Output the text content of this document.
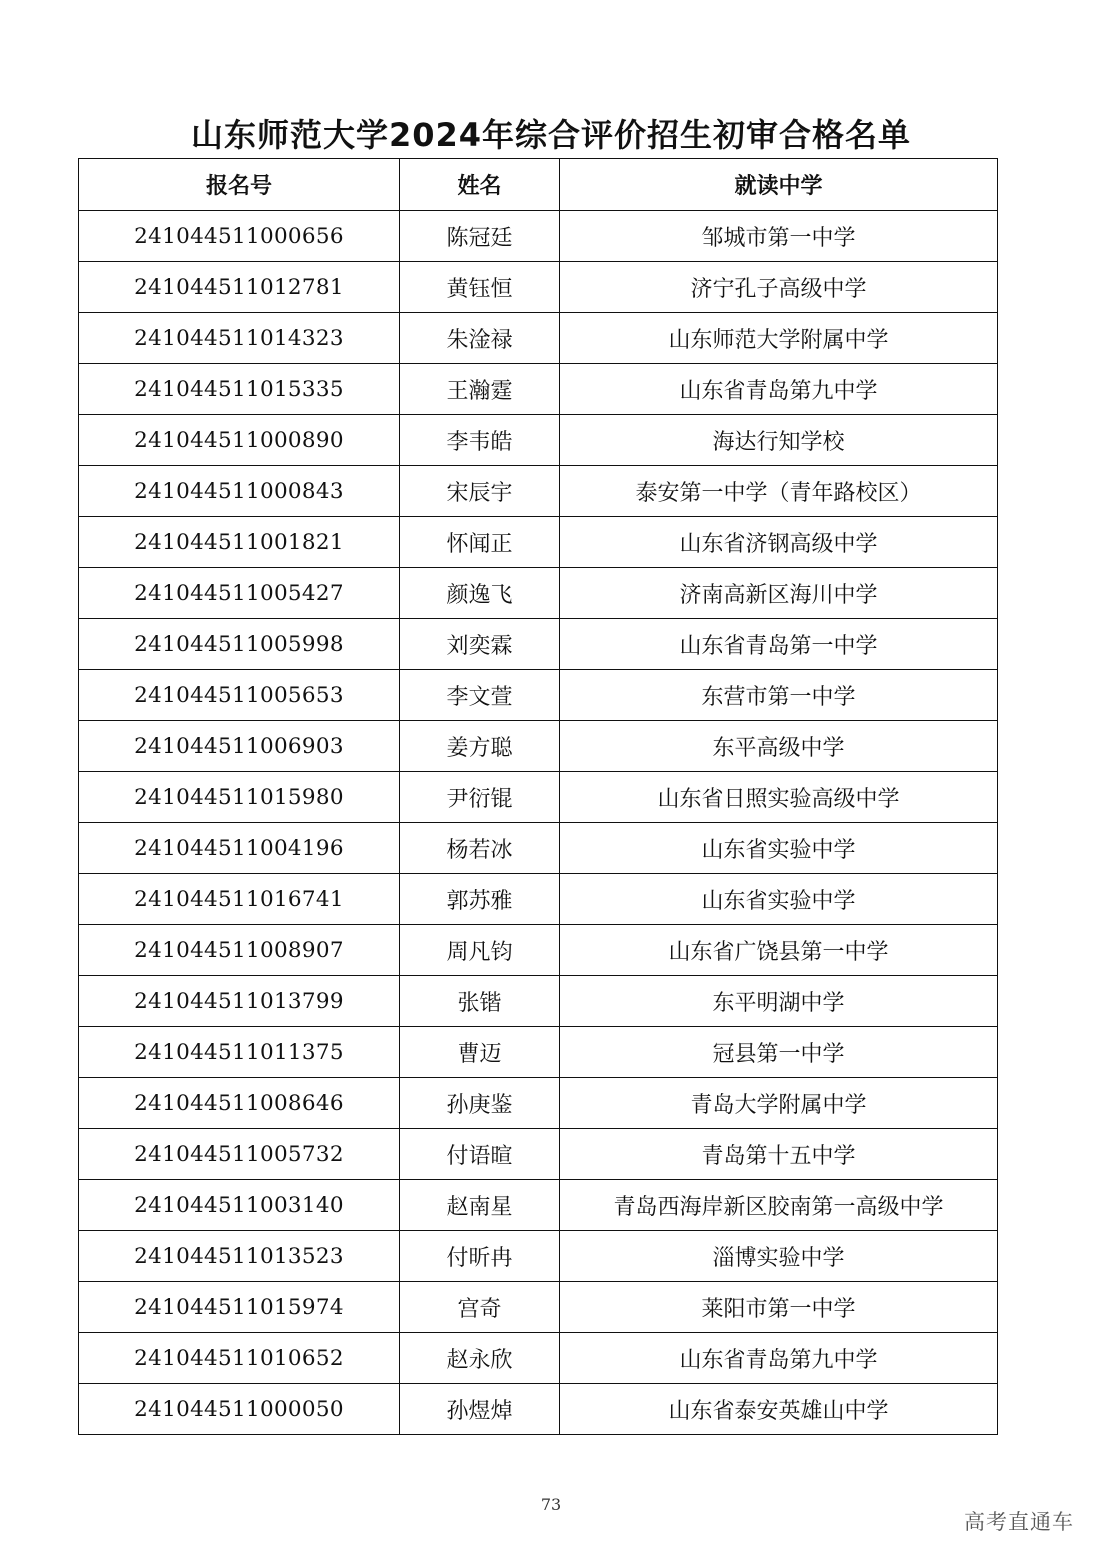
山东师范大学2024年综合评价招生初审合格名单
报名号	姓名	就读中学
241044511000656	陈冠廷	邹城市第一中学
241044511012781	黄钰恒	济宁孔子高级中学
241044511014323	朱淦禄	山东师范大学附属中学
241044511015335	王瀚霆	山东省青岛第九中学
241044511000890	李韦皓	海达行知学校
241044511000843	宋辰宇	泰安第一中学（青年路校区）
241044511001821	怀闻正	山东省济钢高级中学
241044511005427	颜逸飞	济南高新区海川中学
241044511005998	刘奕霖	山东省青岛第一中学
241044511005653	李文萱	东营市第一中学
241044511006903	姜方聪	东平高级中学
241044511015980	尹衍锟	山东省日照实验高级中学
241044511004196	杨若冰	山东省实验中学
241044511016741	郭苏雅	山东省实验中学
241044511008907	周凡钧	山东省广饶县第一中学
241044511013799	张锴	东平明湖中学
241044511011375	曹迈	冠县第一中学
241044511008646	孙庚鉴	青岛大学附属中学
241044511005732	付语暄	青岛第十五中学
241044511003140	赵南星	青岛西海岸新区胶南第一高级中学
241044511013523	付昕冉	淄博实验中学
241044511015974	宫奇	莱阳市第一中学
241044511010652	赵永欣	山东省青岛第九中学
241044511000050	孙煜焯	山东省泰安英雄山中学
73
高考直通车
